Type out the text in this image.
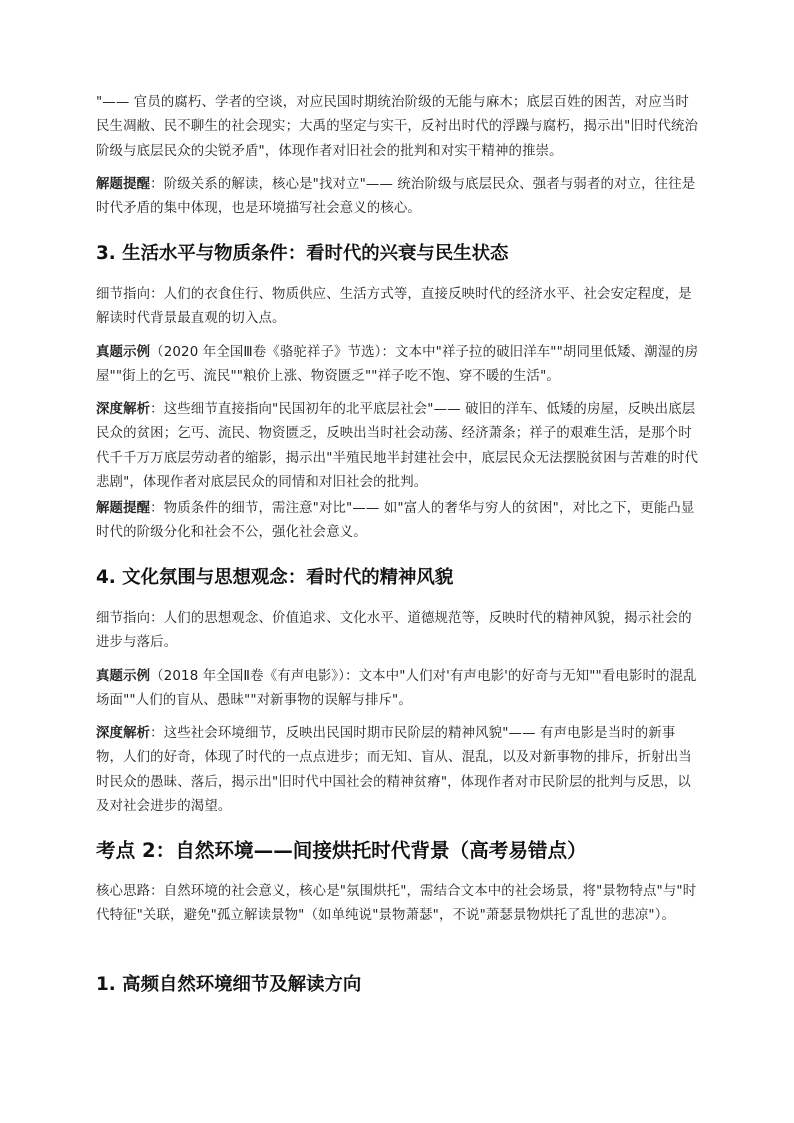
"—— 官员的腐朽、学者的空谈，对应民国时期统治阶级的无能与麻木；底层百姓的困苦，对应当时民生凋敝、民不聊生的社会现实；大禹的坚定与实干，反衬出时代的浮躁与腐朽，揭示出"旧时代统治阶级与底层民众的尖锐矛盾"，体现作者对旧社会的批判和对实干精神的推崇。

解题提醒：阶级关系的解读，核心是"找对立"—— 统治阶级与底层民众、强者与弱者的对立，往往是时代矛盾的集中体现，也是环境描写社会意义的核心。

3. 生活水平与物质条件：看时代的兴衰与民生状态

细节指向：人们的衣食住行、物质供应、生活方式等，直接反映时代的经济水平、社会安定程度，是解读时代背景最直观的切入点。

真题示例（2020 年全国Ⅲ卷《骆驼祥子》节选）：文本中"祥子拉的破旧洋车""胡同里低矮、潮湿的房屋""街上的乞丐、流民""粮价上涨、物资匮乏""祥子吃不饱、穿不暖的生活"。

深度解析：这些细节直接指向"民国初年的北平底层社会"—— 破旧的洋车、低矮的房屋，反映出底层民众的贫困；乞丐、流民、物资匮乏，反映出当时社会动荡、经济萧条；祥子的艰难生活，是那个时代千千万万底层劳动者的缩影，揭示出"半殖民地半封建社会中，底层民众无法摆脱贫困与苦难的时代悲剧"，体现作者对底层民众的同情和对旧社会的批判。

解题提醒：物质条件的细节，需注意"对比"—— 如"富人的奢华与穷人的贫困"，对比之下，更能凸显时代的阶级分化和社会不公，强化社会意义。

4. 文化氛围与思想观念：看时代的精神风貌

细节指向：人们的思想观念、价值追求、文化水平、道德规范等，反映时代的精神风貌，揭示社会的进步与落后。

真题示例（2018 年全国Ⅱ卷《有声电影》）：文本中"人们对'有声电影'的好奇与无知""看电影时的混乱场面""人们的盲从、愚昧""对新事物的误解与排斥"。

深度解析：这些社会环境细节，反映出民国时期市民阶层的精神风貌"—— 有声电影是当时的新事物，人们的好奇，体现了时代的一点点进步；而无知、盲从、混乱，以及对新事物的排斥，折射出当时民众的愚昧、落后，揭示出"旧时代中国社会的精神贫瘠"，体现作者对市民阶层的批判与反思，以及对社会进步的渴望。

考点 2：自然环境——间接烘托时代背景（高考易错点）

核心思路：自然环境的社会意义，核心是"氛围烘托"，需结合文本中的社会场景，将"景物特点"与"时代特征"关联，避免"孤立解读景物"（如单纯说"景物萧瑟"，不说"萧瑟景物烘托了乱世的悲凉"）。

1. 高频自然环境细节及解读方向
